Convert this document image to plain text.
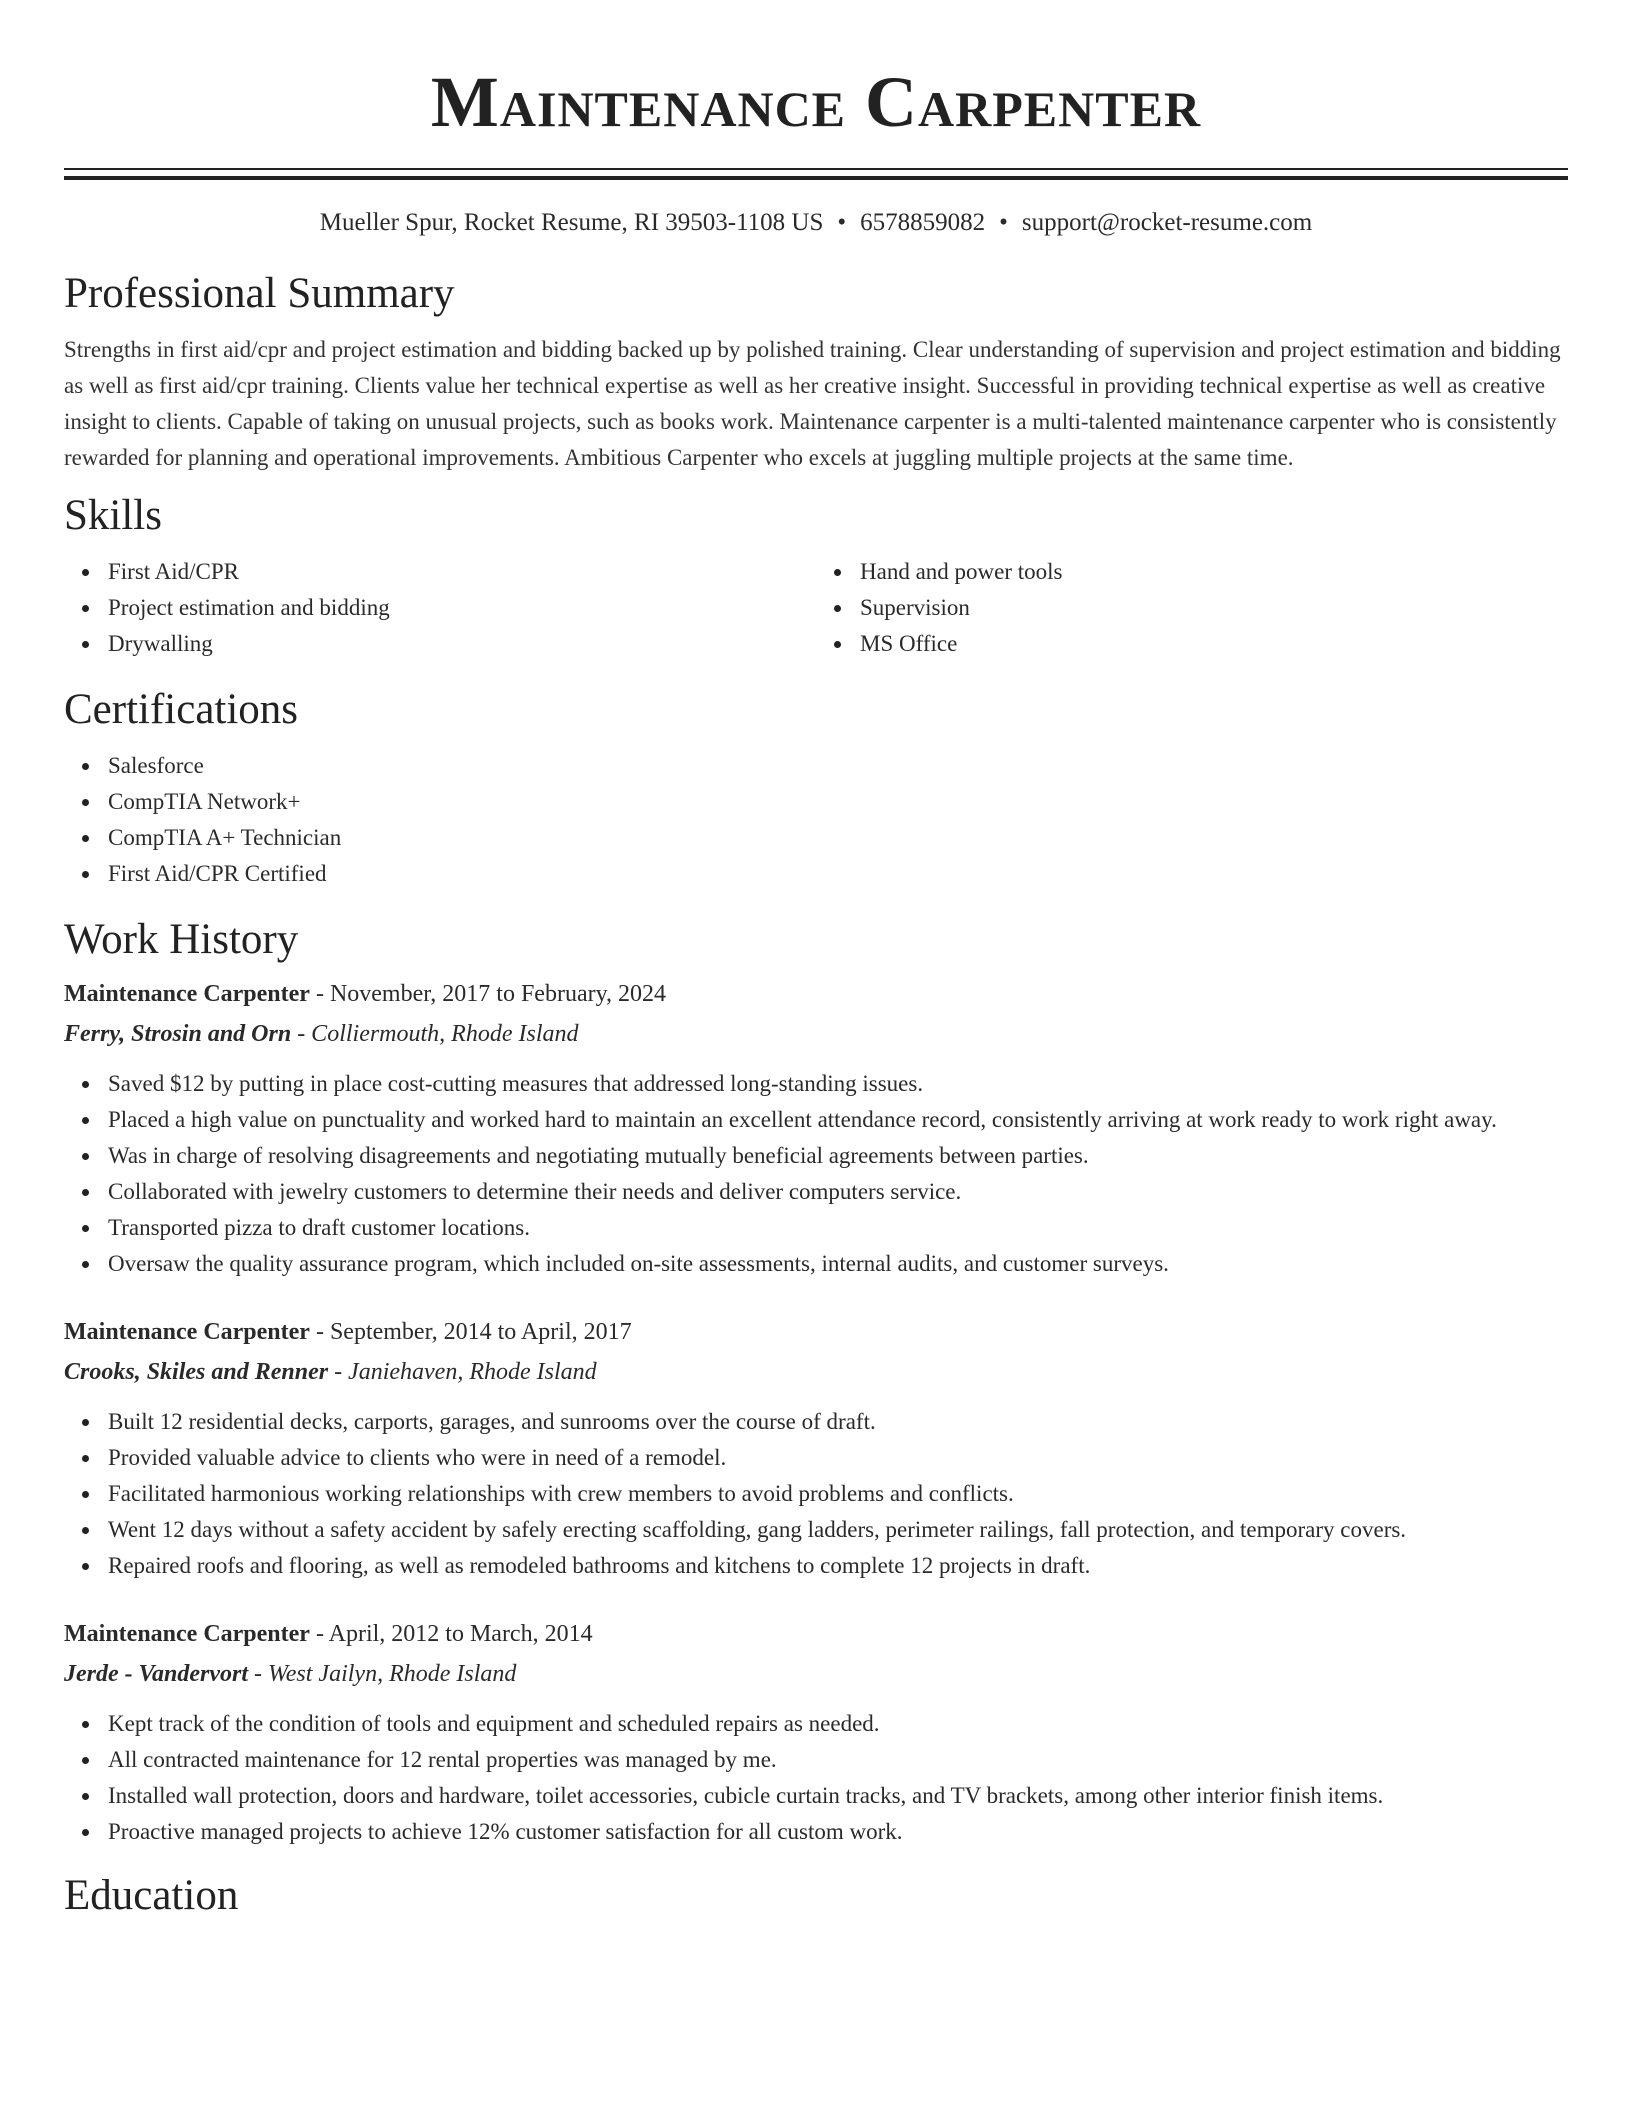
Maintenance Carpenter
Mueller Spur, Rocket Resume, RI 39503-1108 US • 6578859082 • support@rocket-resume.com
Professional Summary

Strengths in first aid/cpr and project estimation and bidding backed up by polished training. Clear understanding of supervision and project estimation and bidding as well as first aid/cpr training. Clients value her technical expertise as well as her creative insight. Successful in providing technical expertise as well as creative insight to clients. Capable of taking on unusual projects, such as books work. Maintenance carpenter is a multi-talented maintenance carpenter who is consistently rewarded for planning and operational improvements. Ambitious Carpenter who excels at juggling multiple projects at the same time.

Skills
First Aid/CPR
Project estimation and bidding
Drywalling
Hand and power tools
Supervision
MS Office
Certifications
Salesforce
CompTIA Network+
CompTIA A+ Technician
First Aid/CPR Certified
Work History
Maintenance Carpenter - November, 2017 to February, 2024
Ferry, Strosin and Orn - Colliermouth, Rhode Island
Saved $12 by putting in place cost-cutting measures that addressed long-standing issues.
Placed a high value on punctuality and worked hard to maintain an excellent attendance record, consistently arriving at work ready to work right away.
Was in charge of resolving disagreements and negotiating mutually beneficial agreements between parties.
Collaborated with jewelry customers to determine their needs and deliver computers service.
Transported pizza to draft customer locations.
Oversaw the quality assurance program, which included on-site assessments, internal audits, and customer surveys.
Maintenance Carpenter - September, 2014 to April, 2017
Crooks, Skiles and Renner - Janiehaven, Rhode Island
Built 12 residential decks, carports, garages, and sunrooms over the course of draft.
Provided valuable advice to clients who were in need of a remodel.
Facilitated harmonious working relationships with crew members to avoid problems and conflicts.
Went 12 days without a safety accident by safely erecting scaffolding, gang ladders, perimeter railings, fall protection, and temporary covers.
Repaired roofs and flooring, as well as remodeled bathrooms and kitchens to complete 12 projects in draft.
Maintenance Carpenter - April, 2012 to March, 2014
Jerde - Vandervort - West Jailyn, Rhode Island
Kept track of the condition of tools and equipment and scheduled repairs as needed.
All contracted maintenance for 12 rental properties was managed by me.
Installed wall protection, doors and hardware, toilet accessories, cubicle curtain tracks, and TV brackets, among other interior finish items.
Proactive managed projects to achieve 12% customer satisfaction for all custom work.
Education
